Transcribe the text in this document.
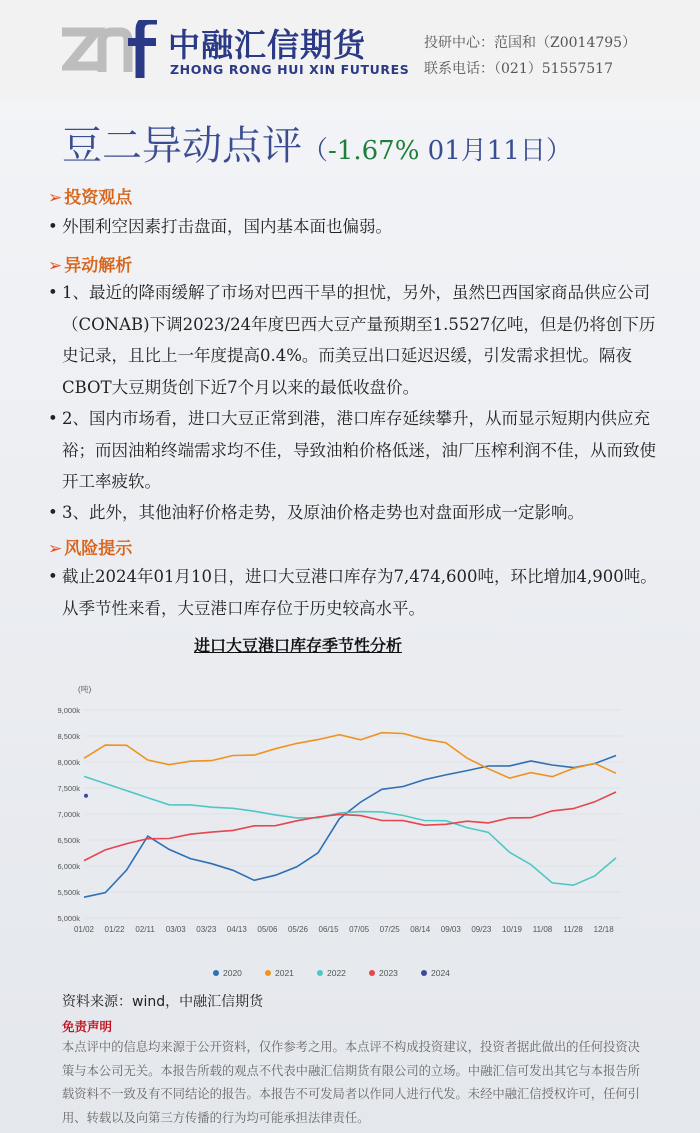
中融汇信期货
ZHONG RONG HUI XIN FUTURES
投研中心：范国和（Z0014795）
联系电话：（021）51557517
豆二异动点评（-1.67% 01月11日）
➢ 投资观点
• 外围利空因素打击盘面，国内基本面也偏弱。
➢ 异动解析
• 1、最近的降雨缓解了市场对巴西干旱的担忧，另外，虽然巴西国家商品供应公司（CONAB)下调2023/24年度巴西大豆产量预期至1.5527亿吨，但是仍将创下历史记录，且比上一年度提高0.4%。而美豆出口延迟迟缓，引发需求担忧。隔夜CBOT大豆期货创下近7个月以来的最低收盘价。
• 2、国内市场看，进口大豆正常到港，港口库存延续攀升，从而显示短期内供应充裕；而因油粕终端需求均不佳，导致油粕价格低迷，油厂压榨利润不佳，从而致使开工率疲软。
• 3、此外，其他油籽价格走势，及原油价格走势也对盘面形成一定影响。
➢ 风险提示
• 截止2024年01月10日，进口大豆港口库存为7,474,600吨，环比增加4,900吨。从季节性来看，大豆港口库存位于历史较高水平。
进口大豆港口库存季节性分析
(吨)
5,000k
5,500k
6,000k
6,500k
7,000k
7,500k
8,000k
8,500k
9,000k
01/02 01/22 02/11 03/03 03/23 04/13 05/06 05/26 06/15 07/05 07/25 08/14 09/03 09/23 10/19 11/08 11/28 12/18
2020	2021	2022	2023	2024
资料来源：wind，中融汇信期货
免责声明
本点评中的信息均来源于公开资料，仅作参考之用。本点评不构成投资建议，投资者据此做出的任何投资决策与本公司无关。本报告所载的观点不代表中融汇信期货有限公司的立场。中融汇信可发出其它与本报告所载资料不一致及有不同结论的报告。本报告不可发局者以作同人进行代发。未经中融汇信授权许可，任何引用、转载以及向第三方传播的行为均可能承担法律责任。
